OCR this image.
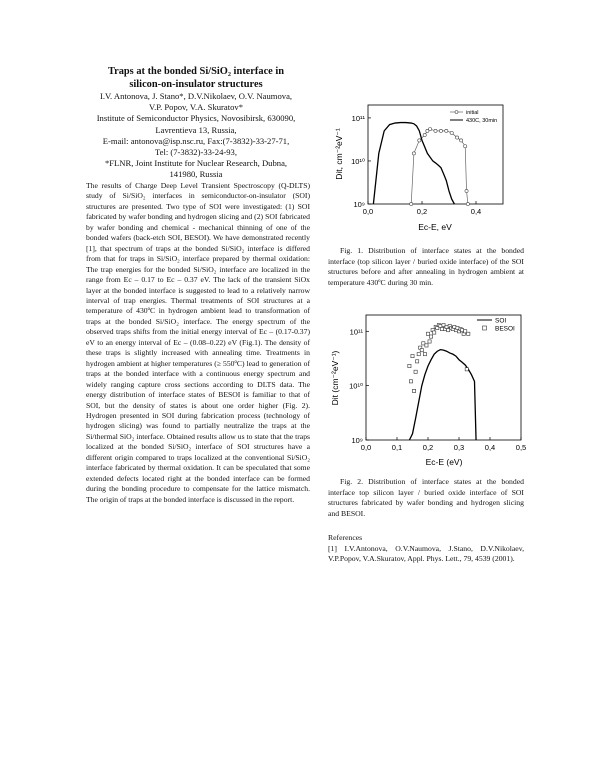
Traps at the bonded Si/SiO₂ interface in
silicon-on-insulator structures
I.V. Antonova, J. Stano*, D.V.Nikolaev, O.V. Naumova,
V.P. Popov, V.A. Skuratov*
Institute of Semiconductor Physics, Novosibirsk, 630090,
Lavrentieva 13, Russia,
E-mail: antonova@isp.nsc.ru, Fax:(7-3832)-33-27-71,
Tel: (7-3832)-33-24-93,
*FLNR, Joint Institute for Nuclear Research, Dubna,
141980, Russia
The results of Charge Deep Level Transient Spectroscopy (Q-DLTS) study of Si/SiO₂ interfaces in semiconductor-on-insulator (SOI) structures are presented. Two type of SOI were investigated: (1) SOI fabricated by wafer bonding and hydrogen slicing and (2) SOI fabricated by wafer bonding and chemical - mechanical thinning of one of the bonded wafers (back-etch SOI, BESOI). We have demonstrated recently [1], that spectrum of traps at the bonded Si/SiO₂ interface is differed from that for traps in Si/SiO₂ interface prepared by thermal oxidation: The trap energies for the bonded Si/SiO₂ interface are localized in the range from Ec – 0.17 to Ec – 0.37 eV. The lack of the transient SiOx layer at the bonded interface is suggested to lead to a relatively narrow interval of trap energies. Thermal treatments of SOI structures at a temperature of 430ºC in hydrogen ambient lead to transformation of traps at the bonded Si/SiO₂ interface. The energy spectrum of the observed traps shifts from the initial energy interval of Ec – (0.17-0.37) eV to an energy interval of Ec – (0.08–0.22) eV (Fig.1). The density of these traps is slightly increased with annealing time. Treatments in hydrogen ambient at higher temperatures (≥ 550ºC) lead to generation of traps at the bonded interface with a continuous energy spectrum and widely ranging capture cross sections according to DLTS data. The energy distribution of interface states of BESOI is familiar to that of SOI, but the density of states is about one order higher (Fig. 2). Hydrogen presented in SOI during fabrication process (technology of hydrogen slicing) was found to partially neutralize the traps at the Si/thermal SiO₂ interface. Obtained results allow us to state that the traps localized at the bonded Si/SiO₂ interface of SOI structures have a different origin compared to traps localized at the conventional Si/SiO₂ interface fabricated by thermal oxidation. It can be speculated that some extended defects located right at the bonded interface can be formed during the bonding procedure to compensate for the lattice mismatch. The origin of traps at the bonded interface is discussed in the report.
0,0	0,2	0,4
10⁹
10¹⁰
10¹¹
Ec-E, eV
Dit, cm⁻²eV⁻¹
initial
430C, 30min

Fig. 1. Distribution of interface states at the bonded interface (top silicon layer / buried oxide interface) of the SOI structures before and after annealing in hydrogen ambient at temperature 430ºC during 30 min.

0,0	0,1	0,2	0,3	0,4	0,5
10⁹
10¹⁰
10¹¹
Ec-E (eV)
Dit (cm⁻²eV⁻¹)
SOI
BESOI

Fig. 2. Distribution of interface states at the bonded interface top silicon layer / buried oxide interface of SOI structures fabricated by wafer bonding and hydrogen slicing and BESOI.

References
[1] I.V.Antonova, O.V.Naumova, J.Stano, D.V.Nikolaev, V.P.Popov, V.A.Skuratov, Appl. Phys. Lett., 79, 4539 (2001).
